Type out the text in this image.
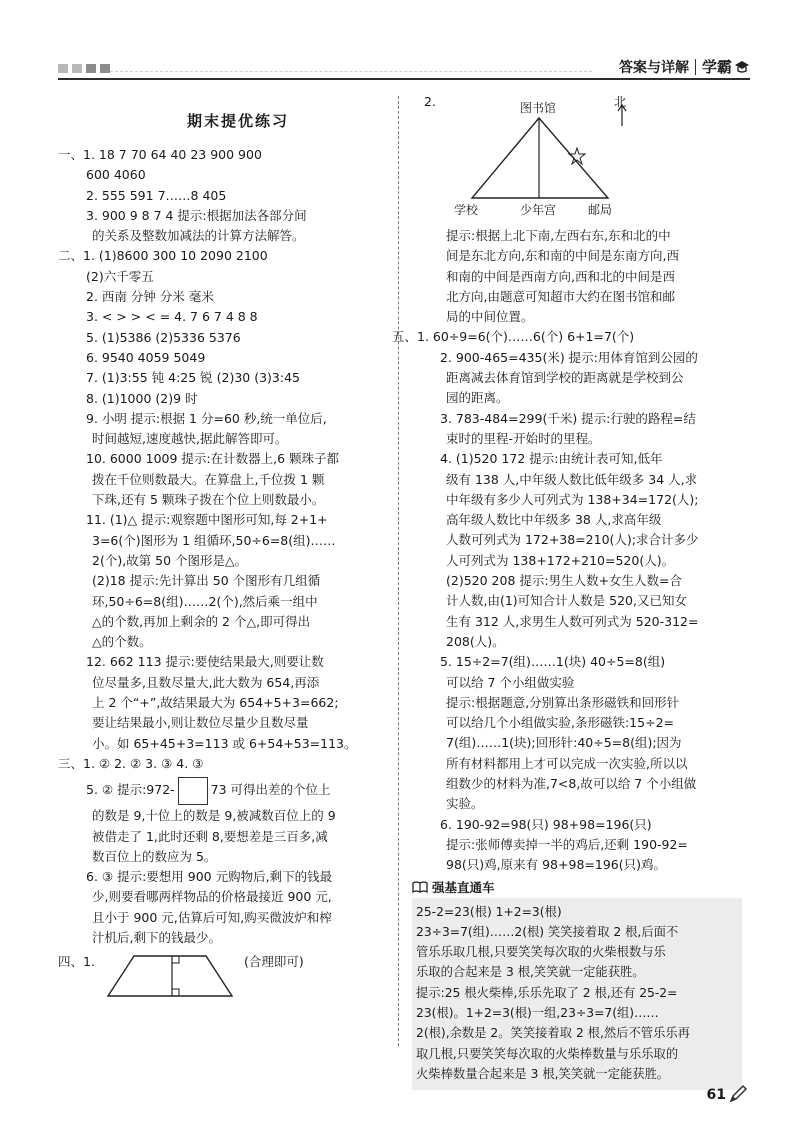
答案与详解 学霸
期末提优练习
一、1. 18 7 70 64 40 23 900 900
600 4060
2. 555 591 7……8 405
3. 900 9 8 7 4 提示:根据加法各部分间
的关系及整数加减法的计算方法解答。
二、1. (1)8600 300 10 2090 2100
(2)六千零五
2. 西南 分钟 分米 毫米
3. < > > < = 4. 7 6 7 4 8 8
5. (1)5386 (2)5336 5376
6. 9540 4059 5049
7. (1)3:55 钝 4:25 锐 (2)30 (3)3:45
8. (1)1000 (2)9 时
9. 小明 提示:根据 1 分=60 秒,统一单位后,
时间越短,速度越快,据此解答即可。
10. 6000 1009 提示:在计数器上,6 颗珠子都
拨在千位则数最大。在算盘上,千位拨 1 颗
下珠,还有 5 颗珠子拨在个位上则数最小。
11. (1)△ 提示:观察题中图形可知,每 2+1+
3=6(个)图形为 1 组循环,50÷6=8(组)……
2(个),故第 50 个图形是△。
(2)18 提示:先计算出 50 个图形有几组循
环,50÷6=8(组)……2(个),然后乘一组中
△的个数,再加上剩余的 2 个△,即可得出
△的个数。
12. 662 113 提示:要使结果最大,则要让数
位尽量多,且数尽量大,此大数为 654,再添
上 2 个“+”,故结果最大为 654+5+3=662;
要让结果最小,则让数位尽量少且数尽量
小。如 65+45+3=113 或 6+54+53=113。
三、1. ② 2. ② 3. ③ 4. ③
5. ② 提示:972-	73 可得出差的个位上
的数是 9,十位上的数是 9,被减数百位上的 9
被借走了 1,此时还剩 8,要想差是三百多,减
数百位上的数应为 5。
6. ③ 提示:要想用 900 元购物后,剩下的钱最
少,则要看哪两样物品的价格最接近 900 元,
且小于 900 元,估算后可知,购买微波炉和榨
汁机后,剩下的钱最少。
四、1.	(合理即可)
2.	图书馆	北
学校	少年宫	邮局
提示:根据上北下南,左西右东,东和北的中
间是东北方向,东和南的中间是东南方向,西
和南的中间是西南方向,西和北的中间是西
北方向,由题意可知超市大约在图书馆和邮
局的中间位置。
五、1. 60÷9=6(个)……6(个) 6+1=7(个)
2. 900-465=435(米) 提示:用体育馆到公园的
距离减去体育馆到学校的距离就是学校到公
园的距离。
3. 783-484=299(千米) 提示:行驶的路程=结
束时的里程-开始时的里程。
4. (1)520 172 提示:由统计表可知,低年
级有 138 人,中年级人数比低年级多 34 人,求
中年级有多少人可列式为 138+34=172(人);
高年级人数比中年级多 38 人,求高年级
人数可列式为 172+38=210(人);求合计多少
人可列式为 138+172+210=520(人)。
(2)520 208 提示:男生人数+女生人数=合
计人数,由(1)可知合计人数是 520,又已知女
生有 312 人,求男生人数可列式为 520-312=
208(人)。
5. 15÷2=7(组)……1(块) 40÷5=8(组)
可以给 7 个小组做实验
提示:根据题意,分别算出条形磁铁和回形针
可以给几个小组做实验,条形磁铁:15÷2=
7(组)……1(块);回形针:40÷5=8(组);因为
所有材料都用上才可以完成一次实验,所以以
组数少的材料为准,7<8,故可以给 7 个小组做
实验。
6. 190-92=98(只) 98+98=196(只)
提示:张师傅卖掉一半的鸡后,还剩 190-92=
98(只)鸡,原来有 98+98=196(只)鸡。
强基直通车
25-2=23(根) 1+2=3(根)
23÷3=7(组)……2(根) 笑笑接着取 2 根,后面不
管乐乐取几根,只要笑笑每次取的火柴根数与乐
乐取的合起来是 3 根,笑笑就一定能获胜。
提示:25 根火柴棒,乐乐先取了 2 根,还有 25-2=
23(根)。1+2=3(根)一组,23÷3=7(组)……
2(根),余数是 2。笑笑接着取 2 根,然后不管乐乐再
取几根,只要笑笑每次取的火柴棒数量与乐乐取的
火柴棒数量合起来是 3 根,笑笑就一定能获胜。
61
